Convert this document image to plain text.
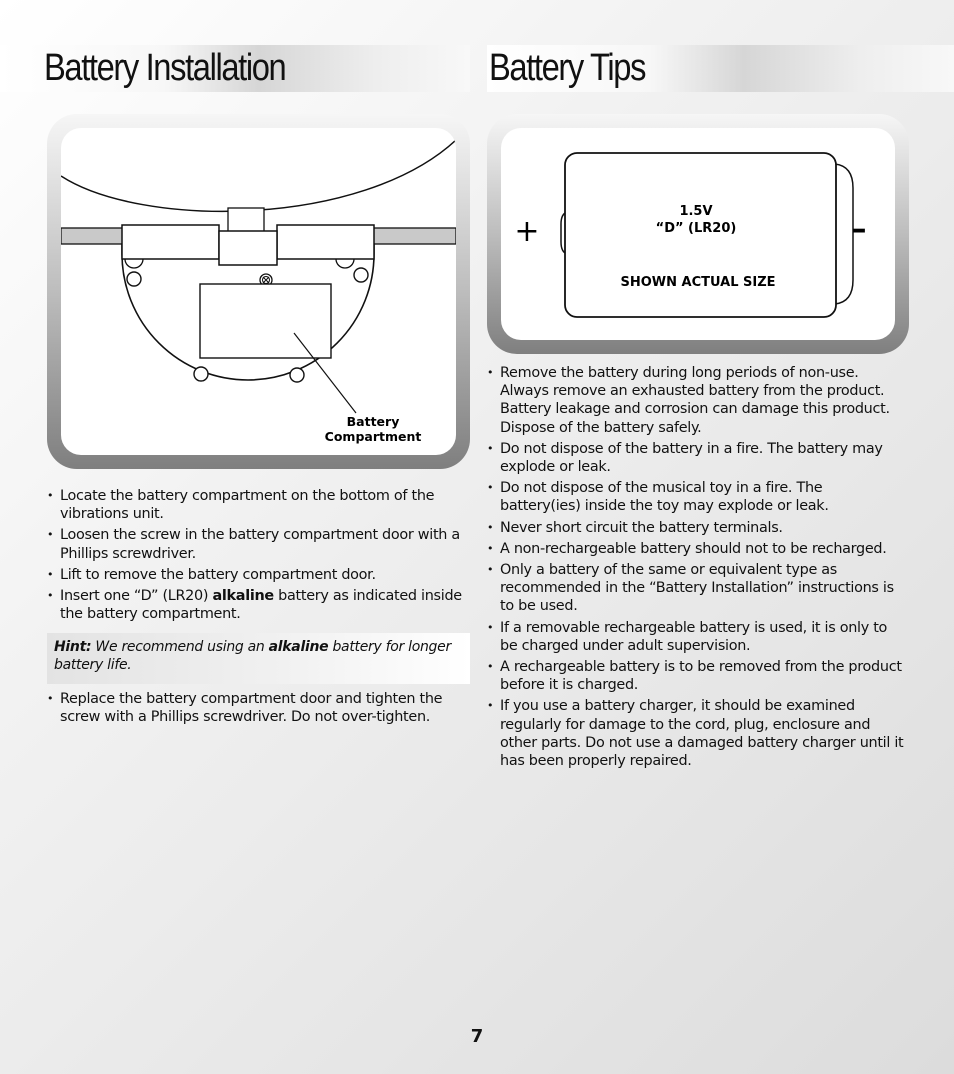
Battery Installation
Battery
Compartment
• Locate the battery compartment on the bottom of the vibrations unit.
• Loosen the screw in the battery compartment door with a Phillips screwdriver.
• Lift to remove the battery compartment door.
• Insert one “D” (LR20) alkaline battery as indicated inside the battery compartment.
Hint: We recommend using an alkaline battery for longer battery life.
• Replace the battery compartment door and tighten the screw with a Phillips screwdriver. Do not over-tighten.
Battery Tips
1.5V
“D” (LR20)
SHOWN ACTUAL SIZE
+	–
• Remove the battery during long periods of non-use. Always remove an exhausted battery from the product. Battery leakage and corrosion can damage this product. Dispose of the battery safely.
• Do not dispose of the battery in a fire. The battery may explode or leak.
• Do not dispose of the musical toy in a fire. The battery(ies) inside the toy may explode or leak.
• Never short circuit the battery terminals.
• A non-rechargeable battery should not to be recharged.
• Only a battery of the same or equivalent type as recommended in the “Battery Installation” instructions is to be used.
• If a removable rechargeable battery is used, it is only to be charged under adult supervision.
• A rechargeable battery is to be removed from the product before it is charged.
• If you use a battery charger, it should be examined regularly for damage to the cord, plug, enclosure and other parts. Do not use a damaged battery charger until it has been properly repaired.
7
